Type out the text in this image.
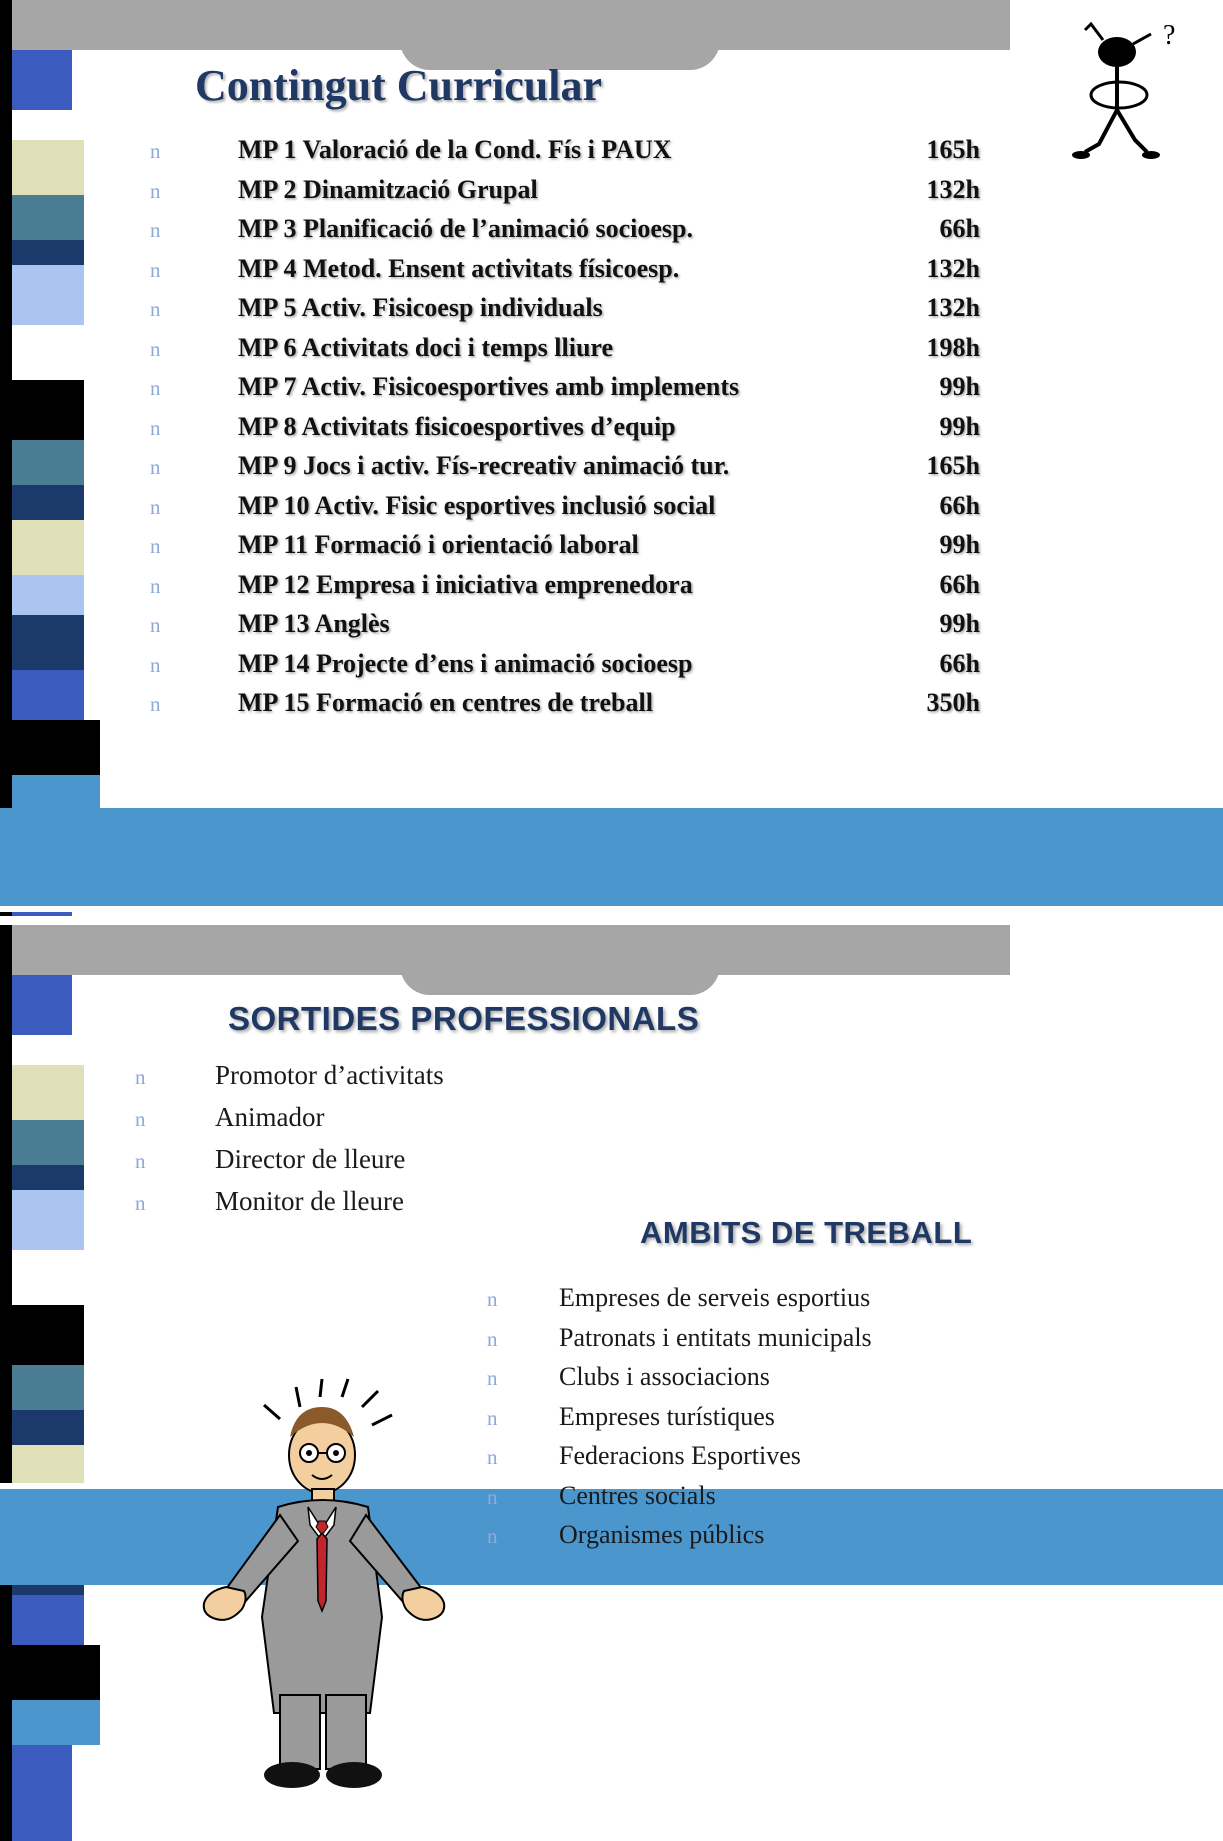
Contingut Curricular
?
n	MP 1 Valoració de la Cond. Fís i PAUX	165h
n	MP 2 Dinamització Grupal	132h
n	MP 3 Planificació de l’animació socioesp.	66h
n	MP 4 Metod. Ensent activitats físicoesp.	132h
n	MP 5 Activ. Fisicoesp individuals	132h
n	MP 6 Activitats doci i temps lliure	198h
n	MP 7 Activ. Fisicoesportives amb implements	99h
n	MP 8 Activitats fisicoesportives d’equip	99h
n	MP 9 Jocs i activ. Fís-recreativ animació tur.	165h
n	MP 10 Activ. Fisic esportives inclusió social	66h
n	MP 11 Formació i orientació laboral	99h
n	MP 12 Empresa i iniciativa emprenedora	66h
n	MP 13 Anglès	99h
n	MP 14 Projecte d’ens i animació socioesp	66h
n	MP 15 Formació en centres de treball	350h
SORTIDES PROFESSIONALS
AMBITS DE TREBALL
n	Promotor d’activitats
n	Animador
n	Director de lleure
n	Monitor de lleure
n	Empreses de serveis esportius
n	Patronats i entitats municipals
n	Clubs i associacions
n	Empreses turístiques
n	Federacions Esportives
n	Centres socials
n	Organismes públics
